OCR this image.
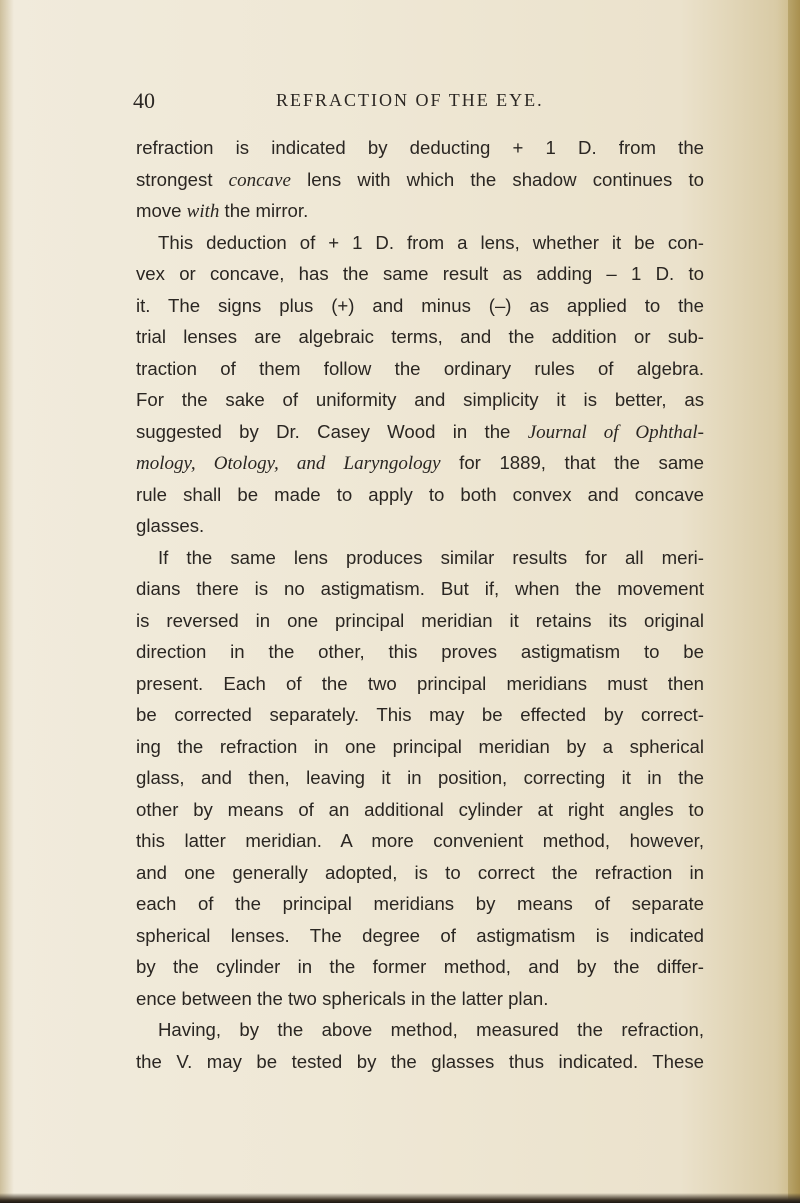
40	REFRACTION OF THE EYE.
refraction is indicated by deducting + 1 D. from the
strongest concave lens with which the shadow continues to
move with the mirror.
This deduction of + 1 D. from a lens, whether it be con-
vex or concave, has the same result as adding – 1 D. to
it. The signs plus (+) and minus (–) as applied to the
trial lenses are algebraic terms, and the addition or sub-
traction of them follow the ordinary rules of algebra.
For the sake of uniformity and simplicity it is better, as
suggested by Dr. Casey Wood in the Journal of Ophthal-
mology, Otology, and Laryngology for 1889, that the same
rule shall be made to apply to both convex and concave
glasses.
If the same lens produces similar results for all meri-
dians there is no astigmatism. But if, when the movement
is reversed in one principal meridian it retains its original
direction in the other, this proves astigmatism to be
present. Each of the two principal meridians must then
be corrected separately. This may be effected by correct-
ing the refraction in one principal meridian by a spherical
glass, and then, leaving it in position, correcting it in the
other by means of an additional cylinder at right angles to
this latter meridian. A more convenient method, however,
and one generally adopted, is to correct the refraction in
each of the principal meridians by means of separate
spherical lenses. The degree of astigmatism is indicated
by the cylinder in the former method, and by the differ-
ence between the two sphericals in the latter plan.
Having, by the above method, measured the refraction,
the V. may be tested by the glasses thus indicated. These
